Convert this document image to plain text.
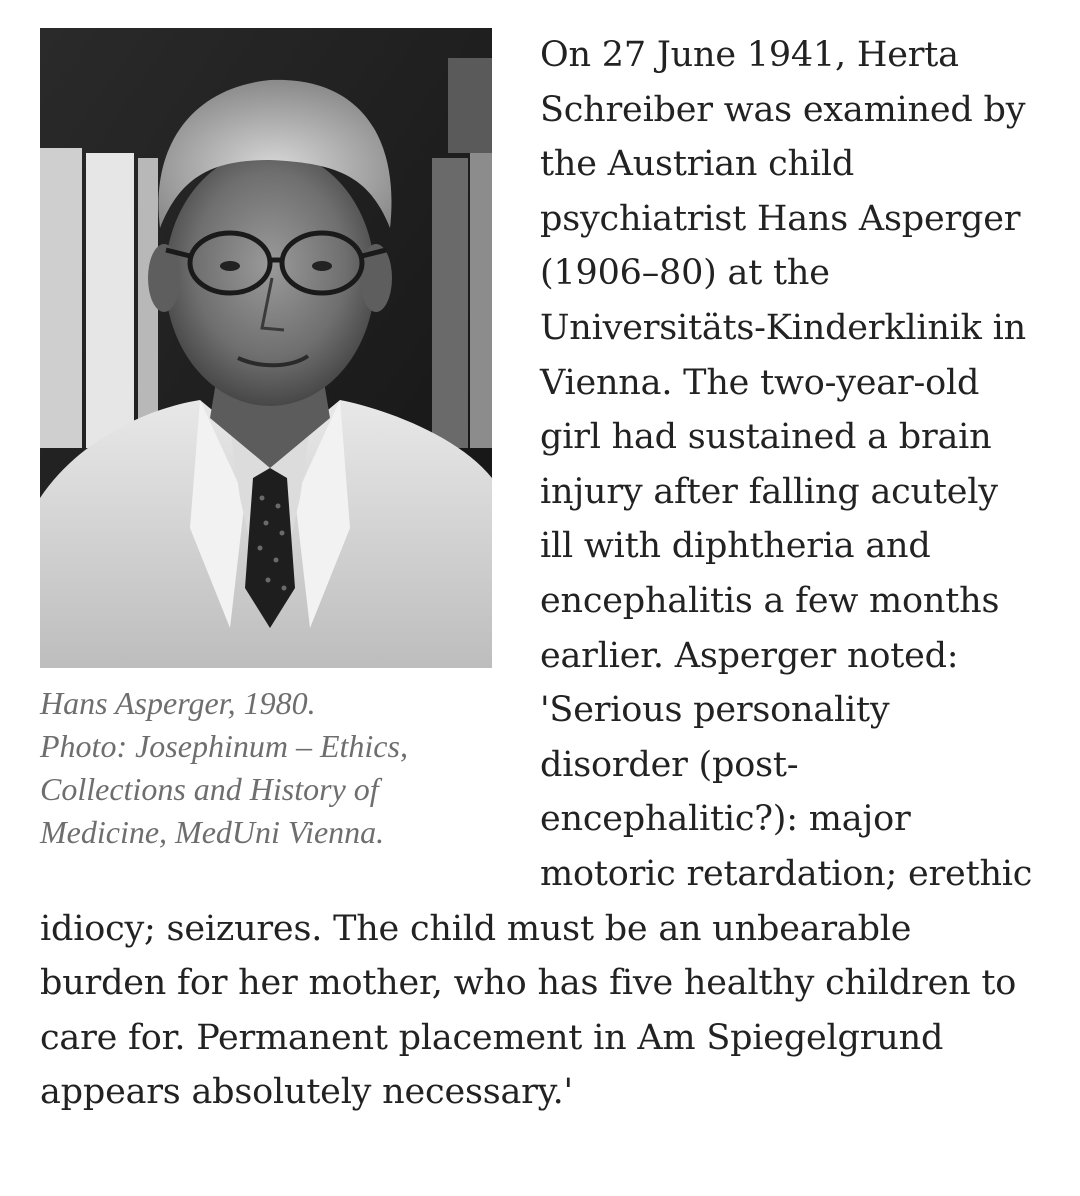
Hans Asperger, 1980.
Photo: Josephinum – Ethics,
Collections and History of
Medicine, MedUni Vienna.

On 27 June 1941, Herta Schreiber was examined by the Austrian child psychiatrist Hans Asperger (1906–80) at the Universitäts-Kinderklinik in Vienna. The two-year-old girl had sustained a brain injury after falling acutely ill with diphtheria and encephalitis a few months earlier. Asperger noted: 'Serious personality disorder (post-encephalitic?): major motoric retardation; erethic idiocy; seizures. The child must be an unbearable burden for her mother, who has five healthy children to care for. Permanent placement in Am Spiegelgrund appears absolutely necessary.'
